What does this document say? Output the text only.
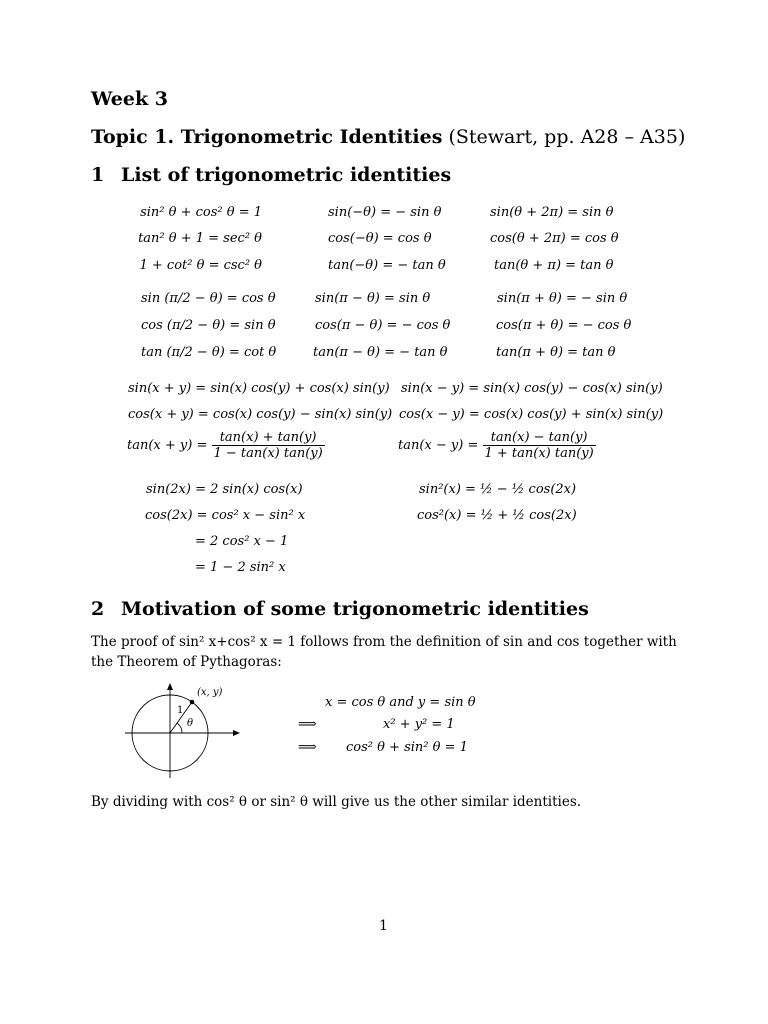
Week 3
Topic 1. Trigonometric Identities (Stewart, pp. A28 – A35)
1 List of trigonometric identities
sin² θ + cos² θ = 1
tan² θ + 1 = sec² θ
1 + cot² θ = csc² θ
sin(−θ) = − sin θ
cos(−θ) = cos θ
tan(−θ) = − tan θ
sin(θ + 2π) = sin θ
cos(θ + 2π) = cos θ
tan(θ + π) = tan θ
sin (π/2 − θ) = cos θ
cos (π/2 − θ) = sin θ
tan (π/2 − θ) = cot θ
sin(π − θ) = sin θ
cos(π − θ) = − cos θ
tan(π − θ) = − tan θ
sin(π + θ) = − sin θ
cos(π + θ) = − cos θ
tan(π + θ) = tan θ
sin(x + y) = sin(x) cos(y) + cos(x) sin(y)
cos(x + y) = cos(x) cos(y) − sin(x) sin(y)
sin(x − y) = sin(x) cos(y) − cos(x) sin(y)
cos(x − y) = cos(x) cos(y) + sin(x) sin(y)
$\tan(x + y) = \frac{\tan(x) + \tan(y)}{1 - \tan(x) \tan(y)}$	$\tan(x - y) = \frac{\tan(x) - \tan(y)}{1 + \tan(x) \tan(y)}$
sin(2x) = 2 sin(x) cos(x)
cos(2x) = cos² x − sin² x
= 2 cos² x − 1
= 1 − 2 sin² x
sin²(x) = ½ − ½ cos(2x)
cos²(x) = ½ + ½ cos(2x)
2 Motivation of some trigonometric identities
The proof of sin² x+cos² x = 1 follows from the definition of sin and cos together with the Theorem of Pythagoras:
(x, y)
1
θ
x = cos θ and y = sin θ
⟹	x² + y² = 1
⟹ cos² θ + sin² θ = 1
By dividing with cos² θ or sin² θ will give us the other similar identities.
1
